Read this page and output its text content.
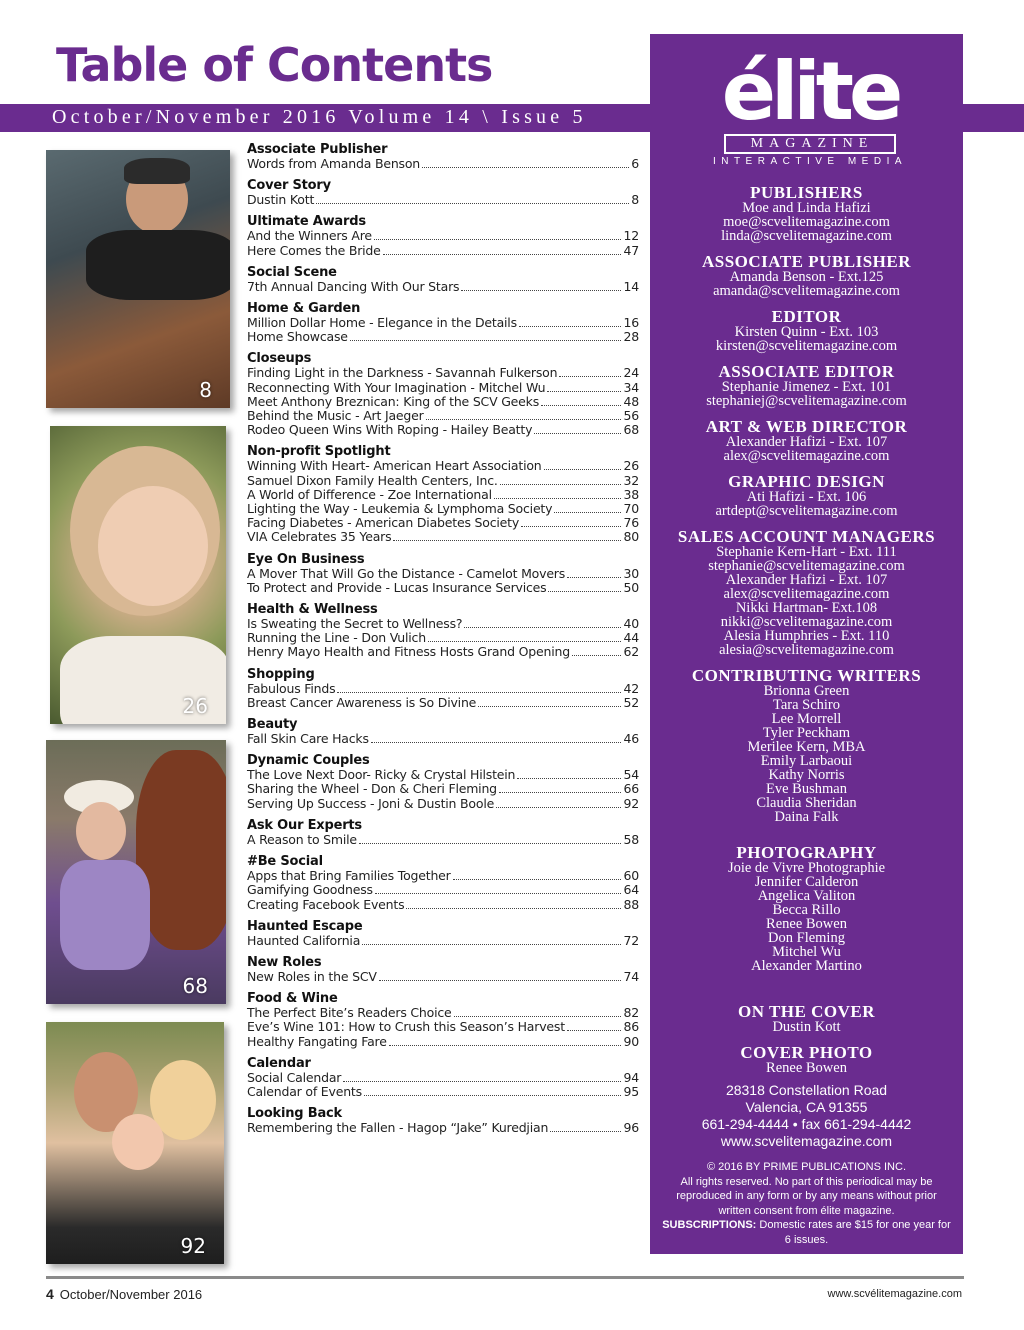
Table of Contents
October/November 2016 Volume 14 \ Issue 5
8
26
68
92
Associate Publisher
Words from Amanda Benson	6
Cover Story
Dustin Kott	8
Ultimate Awards
And the Winners Are	12
Here Comes the Bride	47
Social Scene
7th Annual Dancing With Our Stars	14
Home & Garden
Million Dollar Home - Elegance in the Details	16
Home Showcase	28
Closeups
Finding Light in the Darkness - Savannah Fulkerson	24
Reconnecting With Your Imagination - Mitchel Wu	34
Meet Anthony Breznican: King of the SCV Geeks	48
Behind the Music - Art Jaeger	56
Rodeo Queen Wins With Roping - Hailey Beatty	68
Non-profit Spotlight
Winning With Heart- American Heart Association	26
Samuel Dixon Family Health Centers, Inc.	32
A World of Difference - Zoe International	38
Lighting the Way - Leukemia & Lymphoma Society	70
Facing Diabetes - American Diabetes Society	76
VIA Celebrates 35 Years	80
Eye On Business
A Mover That Will Go the Distance - Camelot Movers	30
To Protect and Provide - Lucas Insurance Services	50
Health & Wellness
Is Sweating the Secret to Wellness?	40
Running the Line - Don Vulich	44
Henry Mayo Health and Fitness Hosts Grand Opening	62
Shopping
Fabulous Finds	42
Breast Cancer Awareness is So Divine	52
Beauty
Fall Skin Care Hacks	46
Dynamic Couples
The Love Next Door- Ricky & Crystal Hilstein	54
Sharing the Wheel - Don & Cheri Fleming	66
Serving Up Success - Joni & Dustin Boole	92
Ask Our Experts
A Reason to Smile	58
#Be Social
Apps that Bring Families Together	60
Gamifying Goodness	64
Creating Facebook Events	88
Haunted Escape
Haunted California	72
New Roles
New Roles in the SCV	74
Food & Wine
The Perfect Bite’s Readers Choice	82
Eve’s Wine 101: How to Crush this Season’s Harvest	86
Healthy Fangating Fare	90
Calendar
Social Calendar	94
Calendar of Events	95
Looking Back
Remembering the Fallen - Hagop “Jake” Kuredjian	96
élite
MAGAZINE
INTERACTIVE MEDIA
PUBLISHERS
Moe and Linda Hafizi
moe@scvelitemagazine.com
linda@scvelitemagazine.com
ASSOCIATE PUBLISHER
Amanda Benson - Ext.125
amanda@scvelitemagazine.com
EDITOR
Kirsten Quinn - Ext. 103
kirsten@scvelitemagazine.com
ASSOCIATE EDITOR
Stephanie Jimenez - Ext. 101
stephaniej@scvelitemagazine.com
ART & WEB DIRECTOR
Alexander Hafizi - Ext. 107
alex@scvelitemagazine.com
GRAPHIC DESIGN
Ati Hafizi - Ext. 106
artdept@scvelitemagazine.com
SALES ACCOUNT MANAGERS
Stephanie Kern-Hart - Ext. 111
stephanie@scvelitemagazine.com
Alexander Hafizi - Ext. 107
alex@scvelitemagazine.com
Nikki Hartman- Ext.108
nikki@scvelitemagazine.com
Alesia Humphries - Ext. 110
alesia@scvelitemagazine.com
CONTRIBUTING WRITERS
Brionna Green
Tara Schiro
Lee Morrell
Tyler Peckham
Merilee Kern, MBA
Emily Larbaoui
Kathy Norris
Eve Bushman
Claudia Sheridan
Daina Falk
PHOTOGRAPHY
Joie de Vivre Photographie
Jennifer Calderon
Angelica Valiton
Becca Rillo
Renee Bowen
Don Fleming
Mitchel Wu
Alexander Martino
ON THE COVER
Dustin Kott
COVER PHOTO
Renee Bowen
28318 Constellation Road
Valencia, CA 91355
661-294-4444 • fax 661-294-4442
www.scvelitemagazine.com
© 2016 BY PRIME PUBLICATIONS INC.
All rights reserved. No part of this periodical may be reproduced in any form or by any means without prior written consent from élite magazine.
SUBSCRIPTIONS: Domestic rates are $15 for one year for 6 issues.
4 October/November 2016	www.scvélitemagazine.com
